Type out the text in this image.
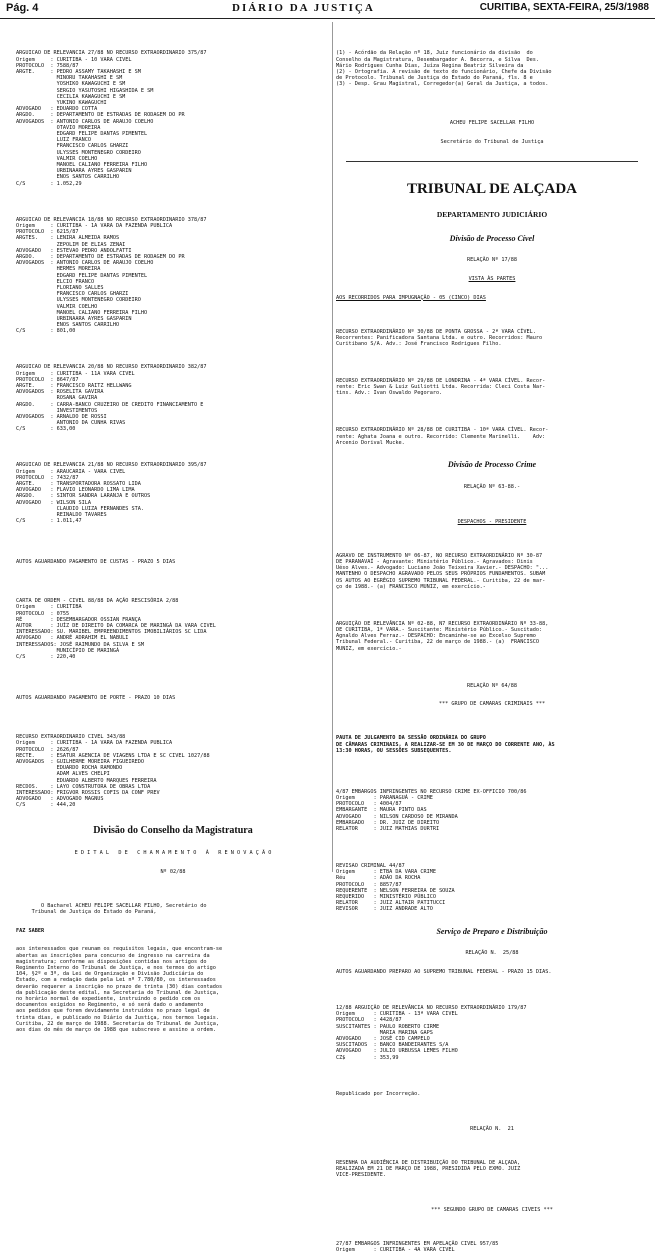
Pág. 4	DIÁRIO DA JUSTIÇA	CURITIBA, SEXTA-FEIRA, 25/3/1988

ARGUICAO DE RELEVANCIA 27/88 NO RECURSO EXTRAORDINARIO 375/87
Origem     : CURITIBA - 10 VARA CIVEL
PROTOCOLO  : 7588/87
ARGTE.     : PEDRO ASSAMY TAKAHASHI E SM
MINORU TAKAHASHI E SM
YOSHIKO KAWAGUCHI E SM
SERGIO YASUTOSHI HIGASHIDA E SM
CECILIA KAWAGUCHI E SM
YUKINO KAWAGUCHI
ADVOGADO   : EDUARDO COTTA
ARGDO.     : DEPARTAMENTO DE ESTRADAS DE RODAGEM DO PR
ADVOGADOS  : ANTONIO CARLOS DE ARAUJO COELHO
OTAVIO MOREIRA
EDGARD FELIPE DANTAS PIMENTEL
LUIZ FRANCO
FRANCISCO CARLOS GHARZI
ULYSSES MONTENEGRO CORDEIRO
VALMIR COELHO
MANOEL CALIANO FERREIRA FILHO
URBINAARA AYRES GASPARIN
ENOS SANTOS CARRILHO
C/S        : 1.052,29

ARGUICAO DE RELEVANCIA 18/88 NO RECURSO EXTRAORDINARIO 378/87
Origem     : CURITIBA - 1A VARA DA FAZENDA PUBLICA
PROTOCOLO  : 6215/87
ARGTES.    : LENIRA ALMEIDA RAMOS
ZEPOLIM DE ELIAS ZENAI
ADVOGADO   : ESTEVAO PEDRO ANDOLFATTI
ARGDO.     : DEPARTAMENTO DE ESTRADAS DE RODAGEM DO PR
ADVOGADOS  : ANTONIO CARLOS DE ARAUJO COELHO
HERMES MOREIRA
EDGARD FELIPE DANTAS PIMENTEL
ELCIO FRANCO
FLORIANO SALLES
FRANCISCO CARLOS GHARZI
ULYSSES MONTENEGRO CORDEIRO
VALMIR COELHO
MANOEL CALIANO FERREIRA FILHO
URBINAARA AYRES GASPARIN
ENOS SANTOS CARRILHO
C/S        : 801,00

ARGUICAO DE RELEVANCIA 20/88 NO RECURSO EXTRAORDINARIO 382/87
Origem     : CURITIBA - 11A VARA CIVEL
PROTOCOLO  : 8647/87
ARGTE.     : FRANCISCO RAITZ HELLWANG
ADVOGADOS  : ROSELITA GAVIRA
ROSANA GAVIRA
ARGDO.     : CARRA-BANCO CRUZEIRO DE CREDITO FINANCIAMENTO E
INVESTIMENTOS
ADVOGADOS  : ARNALDO DE ROSSI
ANTONIO DA CUNHA RIVAS
C/S        : 633,00

ARGUICAO DE RELEVANCIA 21/88 NO RECURSO EXTRAORDINARIO 395/87
Origem     : ARAUCARIA - VARA CIVEL
PROTOCOLO  : 7432/87
ARGTE.     : TRANSPORTADORA ROSSATO LIDA
ADVOGADO   : FLAVIO LEONARDO LIMA LIMA
ARGDO.     : SINTOR SANDRA LARANJA E OUTROS
ADVOGADO   : WILSON SILA
CLAUDIO LUIZA FERNANDES STA.
REINALDO TAVARES
C/S        : 1.011,47

AUTOS AGUARDANDO PAGAMENTO DE CUSTAS - PRAZO 5 DIAS

CARTA DE ORDEM - CIVEL 88/88 DA AÇÃO RESCISÓRIA 2/88
Origem     : CURITIBA
PROTOCOLO  : 0755
RÉ         : DESEMBARGADOR OSSIAN FRANÇA
AUTOR      : JUÍZ DE DIREITO DA COMARCA DE MARINGÁ DA VARA CIVEL
INTERESSADO: SU. MARIBEL EMPREENDIMENTOS IMOBILIÁRIOS SC LIDA
ADVOGADO   : ANDRÉ ADRAHIM EL NABULI
INTERESSADOS: JOSÉ RAIMUNDO DA SILVA E SM
MUNICÍPIO DE MARINGÁ
C/S        : 220,40

AUTOS AGUARDANDO PAGAMENTO DE PORTE - PRAZO 10 DIAS

RECURSO EXTRAORDINARIO CIVEL 343/88
Origem     : CURITIBA - 1A VARA DA FAZENDA PUBLICA
PROTOCOLO  : 2626/87
RECTE.     : ESATUR AGENCIA DE VIAGENS LTDA E SC CIVEL 1027/88
ADVOGADOS  : GUILHERME MOREIRA FIGUEIREDO
EDUARDO ROCHA RAMONDO
ADAM ALVES CHELPI
EDUARDO ALBERTO MARQUES FERREIRA
RECDOS.    : LAYO CONSTRUTORA DE OBRAS LTDA
INTERESSADO: FRIGVOR ROSSIS COFIS DA CONF PREV
ADVOGADO   : ADVOGADO MAGNUS
C/S        : 444,20

Divisão do Conselho da Magistratura

E D I T A L   D E   C H A M A M E N T O   À   R E N O V A Ç Ã O

Nº 02/88

O Bacharel ACHEU FELIPE SACELLAR FILHO, Secretário do
Tribunal de Justiça do Estado do Paraná,

FAZ SABER

aos interessados que reunam os requisitos legais, que encontram-se
abertas as inscrições para concurso de ingresso na carreira da
magistratura; conforme as disposições contidas nos artigos do
Regimento Interno do Tribunal de Justiça, e nos termos do artigo
104, §2º e 3º, da Lei de Organização e Divisão Judiciária do
Estado, com a redação dada pela Lei nº 7.780/80, os interessados
deverão requerer a inscrição no prazo de trinta (30) dias contados
da publicação deste edital, na Secretaria do Tribunal de Justiça,
no horário normal de expediente, instruindo o pedido com os
documentos exigidos no Regimento, e só será dado o andamento
aos pedidos que forem devidamente instruídos no prazo legal de
trinta dias, e publicado no Diário da Justiça, nos termos legais.
Curitiba, 22 de março de 1988. Secretaria do Tribunal de Justiça,
aos dias do mês de março de 1988 que subscrevo e assino a ordem.

(1) - Acórdão da Relação nº 18, Juiz funcionário da divisão  do
Conselho da Magistratura, Desembargador A. Becorra, e Silva  Des.
Mário Rodrigues Cunha Dias, Juíza Regina Beatriz Silveira da
(2) - Ortografia. A revisão de texto do funcionário, Chefe da Divisão
de Protocolo. Tribunal de Justiça do Estado do Paraná, fls. 8 e
(3) - Desp. Grau Magistral, Corregedor(a) Geral da Justiça, a todos.

ACHEU FELIPE SACELLAR FILHO

Secretário do Tribunal de Justiça

TRIBUNAL DE ALÇADA

DEPARTAMENTO JUDICIÁRIO

Divisão de Processo Cível

RELAÇÃO Nº 17/88

VISTA ÀS PARTES

AOS RECORRIDOS PARA IMPUGNAÇÃO - 05 (CINCO) DIAS

RECURSO EXTRAORDINÁRIO Nº 30/88 DE PONTA GROSSA - 2ª VARA CÍVEL.
Recorrentes: Panificadora Santana Ltda. e outro. Recorridos: Mauro
Curitibano S/A. Adv.: José Francisco Rodrigues Filho.

RECURSO EXTRAORDINÁRIO Nº 29/88 DE LONDRINA - 4ª VARA CÍVEL. Recor-
rente: Eric Swan & Luiz Guiliotti Ltda. Recorrida: Cleci Costa Nar-
tins. Adv.: Ivan Oswaldo Pegoraro.

RECURSO EXTRAORDINÁRIO Nº 28/88 DE CURITIBA - 10ª VARA CÍVEL. Recor-
rente: Aghata Joana e outro. Recorrido: Clemente Marinelli.    Adv:
Arcenio Dorival Mucke.

Divisão de Processo Crime

RELAÇÃO Nº 63-88.-

DESPACHOS - PRESIDENTE

AGRAVO DE INSTRUMENTO Nº 06-87, NO RECURSO EXTRAORDINÁRIO Nº 30-87
DE PARANAVAÍ - Agravante: Ministério Público.- Agravados: Dinis
Uéso Alves.- Advogado: Luciano João Teixeira Xavier.- DESPACHO: "...
MANTENHO O DESPACHO AGRAVADO PELOS SEUS PRÓPRIOS FUNDAMENTOS. SUBAM
OS AUTOS AO EGRÉGIO SUPREMO TRIBUNAL FEDERAL.- Curitiba, 22 de mar-
ço de 1988.- (a) FRANCISCO MUNIZ, em exercício.-

ARGUIÇÃO DE RELEVÂNCIA Nº 02-88, N7 RECURSO EXTRAORDINÁRIO Nº 33-88,
DE CURITIBA, 1ª VARA.- Suscitante: Ministério Público.- Suscitado:
Agnaldo Alves Ferraz.- DESPACHO: Encaminhe-se ao Excelso Supremo
Tribunal Federal.- Curitiba, 22 de março de 1988.- (a)  FRANCISCO
MUNIZ, em exercício.-

RELAÇÃO Nº 64/88

*** GRUPO DE CAMARAS CRIMINAIS ***

PAUTA DE JULGAMENTO DA SESSÃO ORDINÁRIA DO GRUPO
DE CÂMARAS CRIMINAIS, A REALIZAR-SE EM 30 DE MARÇO DO CORRENTE ANO, ÀS
13:30 HORAS, OU SESSÕES SUBSEQUENTES.

4/87 EMBARGOS INFRINGENTES NO RECURSO CRIME EX-OFFICIO 700/86
Origem      : PARANAGUÁ - CRIME
PROTOCOLO   : 4004/87
EMBARGANTE  : MAURA PINTO DAS
ADVOGADO    : NILSON CARDOSO DE MIRANDA
EMBARGADO   : DR. JUIZ DE DIREITO
RELATOR     : JUIZ MATHIAS DURTRI

REVISAO CRIMINAL 44/87
Origem      : ETBA DA VARA CRIME
Réu         : ADÃO DA ROCHA
PROTOCOLO   : 8857/87
REQUERENTE  : NELSON FERREIRA DE SOUZA
REQUERIDO   : MINISTÉRIO PÚBLICO
RELATOR     : JUIZ ALTAIR PATITUCCI
REVISOR     : JUIZ ANDRADE ALTO

Serviço de Preparo e Distribuição

RELAÇÃO N.  25/88

AUTOS AGUARDANDO PREPARO AO SUPREMO TRIBUNAL FEDERAL - PRAZO 15 DIAS.

12/88 ARGUIÇÃO DE RELEVÂNCIA NO RECURSO EXTRAORDINÁRIO 179/87
Origem      : CURITIBA - 13ª VARA CIVEL
PROTOCOLO   : 4428/87
SUSCITANTES : PAULO ROBERTO CIRME
MARIA MARINA GAPS
ADVOGADO    : JOSÉ CID CAMPELO
SUSCITADOS  : BANCO BANDEIRANTES S/A
ADVOGADO    : JULIO URBUSSA LEMES FILHO
CZ$         : 353,99

Republicado por Incorreção.

RELAÇÃO N.  21

RESENHA DA AUDIÊNCIA DE DISTRIBUIÇÃO DO TRIBUNAL DE ALÇADA,
REALIZADA EM 21 DE MARÇO DE 1988, PRESIDIDA PELO EXMO. JUIZ
VICE-PRESIDENTE.

*** SEGUNDO GRUPO DE CAMARAS CIVEIS ***

27/87 EMBARGOS INFRINGENTES EM APELAÇÃO CIVEL 957/85
Origem      : CURITIBA - 4A VARA CIVEL
